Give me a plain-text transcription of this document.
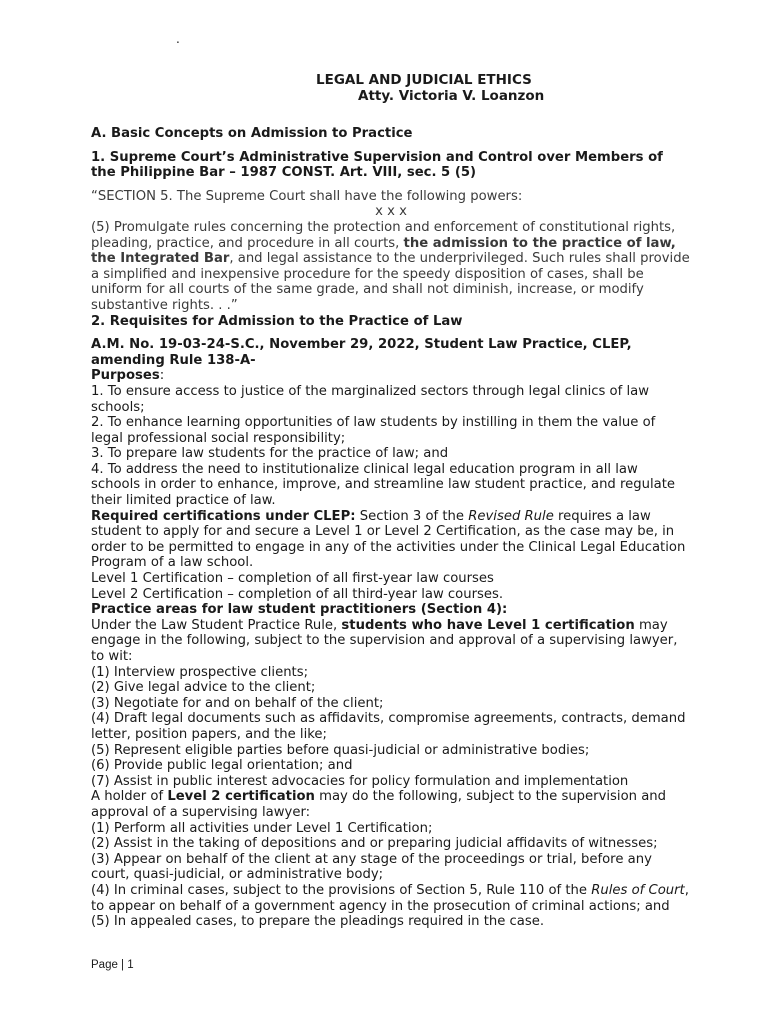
.
LEGAL AND JUDICIAL ETHICS
Atty. Victoria V. Loanzon

A. Basic Concepts on Admission to Practice

1. Supreme Court’s Administrative Supervision and Control over Members of the Philippine Bar – 1987 CONST. Art. VIII, sec. 5 (5)

“SECTION 5. The Supreme Court shall have the following powers:

x x x

(5) Promulgate rules concerning the protection and enforcement of constitutional rights, pleading, practice, and procedure in all courts, the admission to the practice of law, the Integrated Bar, and legal assistance to the underprivileged. Such rules shall provide a simplified and inexpensive procedure for the speedy disposition of cases, shall be uniform for all courts of the same grade, and shall not diminish, increase, or modify substantive rights. . .”

2. Requisites for Admission to the Practice of Law

A.M. No. 19-03-24-S.C., November 29, 2022, Student Law Practice, CLEP, amending Rule 138-A-

Purposes:

1. To ensure access to justice of the marginalized sectors through legal clinics of law schools;

2. To enhance learning opportunities of law students by instilling in them the value of legal professional social responsibility;

3. To prepare law students for the practice of law; and

4. To address the need to institutionalize clinical legal education program in all law schools in order to enhance, improve, and streamline law student practice, and regulate their limited practice of law.

Required certifications under CLEP: Section 3 of the Revised Rule requires a law student to apply for and secure a Level 1 or Level 2 Certification, as the case may be, in order to be permitted to engage in any of the activities under the Clinical Legal Education Program of a law school.

Level 1 Certification – completion of all first-year law courses

Level 2 Certification – completion of all third-year law courses.

Practice areas for law student practitioners (Section 4):

Under the Law Student Practice Rule, students who have Level 1 certification may engage in the following, subject to the supervision and approval of a supervising lawyer, to wit:

(1) Interview prospective clients;

(2) Give legal advice to the client;

(3) Negotiate for and on behalf of the client;

(4) Draft legal documents such as affidavits, compromise agreements, contracts, demand letter, position papers, and the like;

(5) Represent eligible parties before quasi-judicial or administrative bodies;

(6) Provide public legal orientation; and

(7) Assist in public interest advocacies for policy formulation and implementation

A holder of Level 2 certification may do the following, subject to the supervision and approval of a supervising lawyer:

(1) Perform all activities under Level 1 Certification;

(2) Assist in the taking of depositions and or preparing judicial affidavits of witnesses;

(3) Appear on behalf of the client at any stage of the proceedings or trial, before any court, quasi-judicial, or administrative body;

(4) In criminal cases, subject to the provisions of Section 5, Rule 110 of the Rules of Court, to appear on behalf of a government agency in the prosecution of criminal actions; and

(5) In appealed cases, to prepare the pleadings required in the case.

Page | 1
